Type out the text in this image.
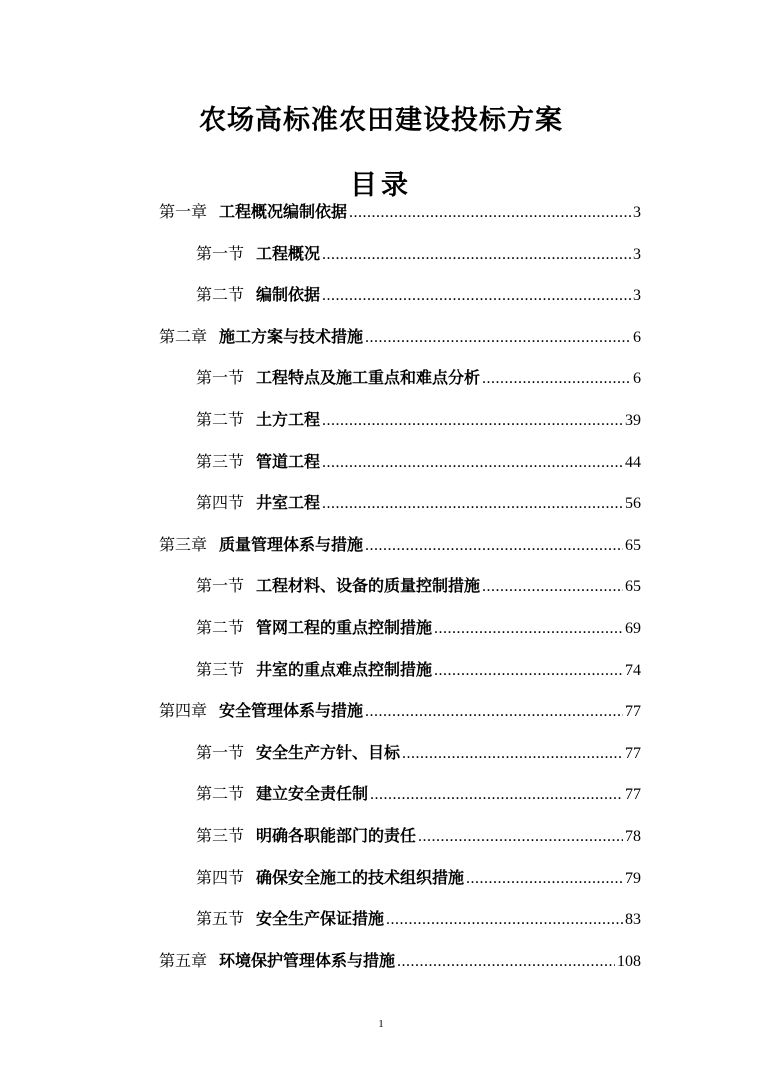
农场高标准农田建设投标方案
目录
第一章 工程概况编制依据 .....	3
第一节 工程概况 .....	3
第二节 编制依据 .....	3
第二章 施工方案与技术措施 .....	6
第一节 工程特点及施工重点和难点分析 .....	6
第二节 土方工程 .....	39
第三节 管道工程 .....	44
第四节 井室工程 .....	56
第三章 质量管理体系与措施 .....	65
第一节 工程材料、设备的质量控制措施 .....	65
第二节 管网工程的重点控制措施 .....	69
第三节 井室的重点难点控制措施 .....	74
第四章 安全管理体系与措施 .....	77
第一节 安全生产方针、目标 .....	77
第二节 建立安全责任制 .....	77
第三节 明确各职能部门的责任 .....	78
第四节 确保安全施工的技术组织措施 .....	79
第五节 安全生产保证措施 .....	83
第五章 环境保护管理体系与措施 .....	108
1
